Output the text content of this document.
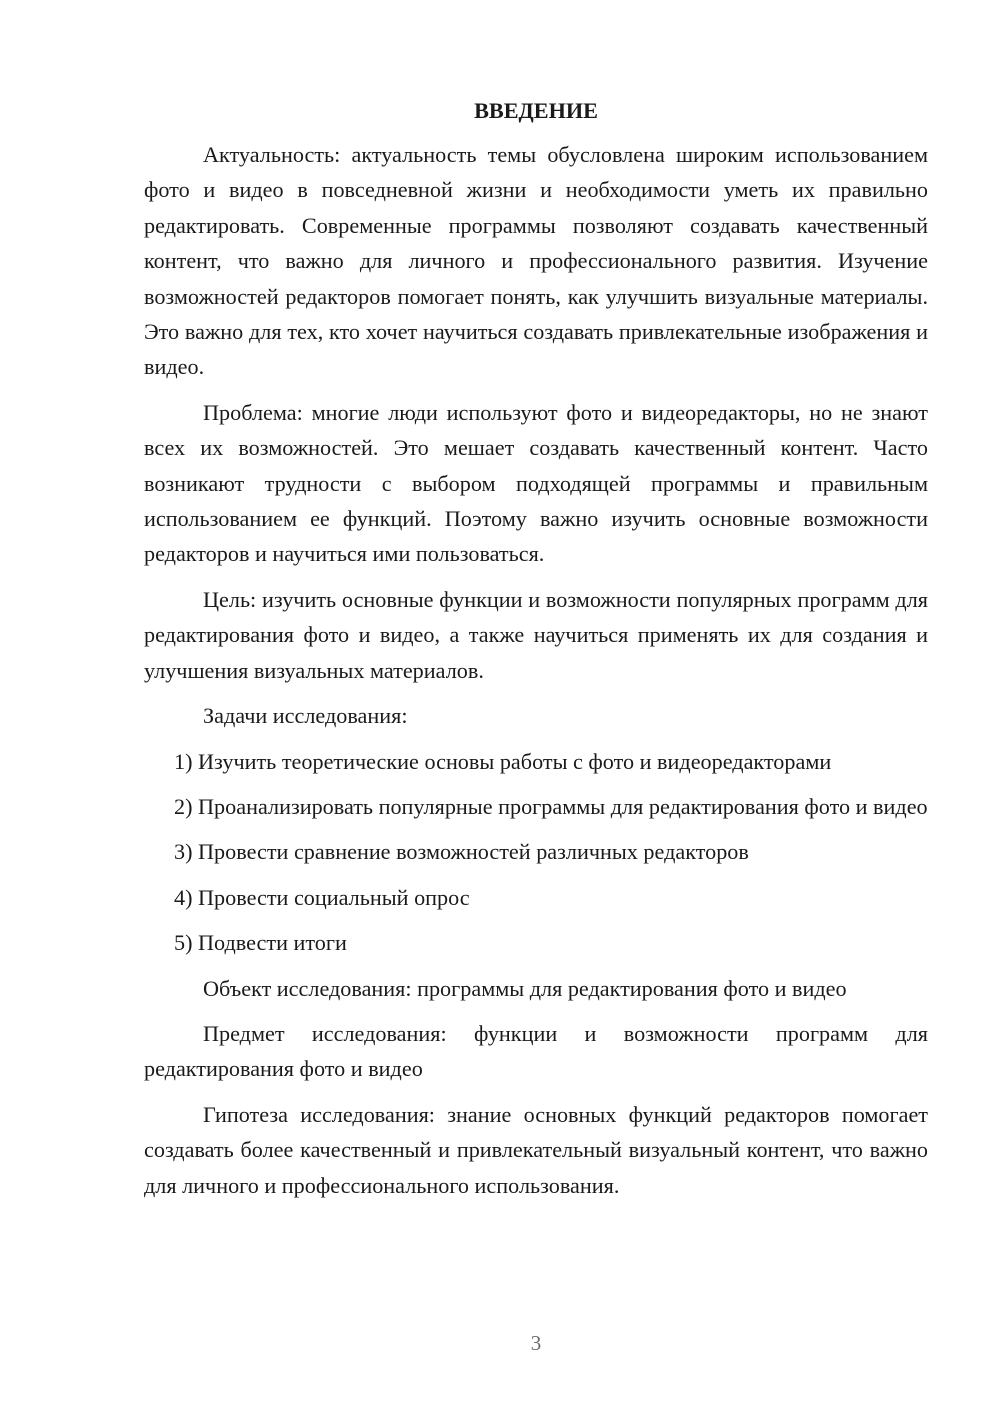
ВВЕДЕНИЕ

Актуальность: актуальность темы обусловлена широким использованием фото и видео в повседневной жизни и необходимости уметь их правильно редактировать. Современные программы позволяют создавать качественный контент, что важно для личного и профессионального развития. Изучение возможностей редакторов помогает понять, как улучшить визуальные материалы. Это важно для тех, кто хочет научиться создавать привлекательные изображения и видео.

Проблема: многие люди используют фото и видеоредакторы, но не знают всех их возможностей. Это мешает создавать качественный контент. Часто возникают трудности с выбором подходящей программы и правильным использованием ее функций. Поэтому важно изучить основные возможности редакторов и научиться ими пользоваться.

Цель: изучить основные функции и возможности популярных программ для редактирования фото и видео, а также научиться применять их для создания и улучшения визуальных материалов.

Задачи исследования:

1) Изучить теоретические основы работы с фото и видеоредакторами

2) Проанализировать популярные программы для редактирования фото и видео

3) Провести сравнение возможностей различных редакторов

4) Провести социальный опрос

5) Подвести итоги

Объект исследования: программы для редактирования фото и видео

Предмет исследования: функции и возможности программ для редактирования фото и видео

Гипотеза исследования: знание основных функций редакторов помогает создавать более качественный и привлекательный визуальный контент, что важно для личного и профессионального использования.

3
